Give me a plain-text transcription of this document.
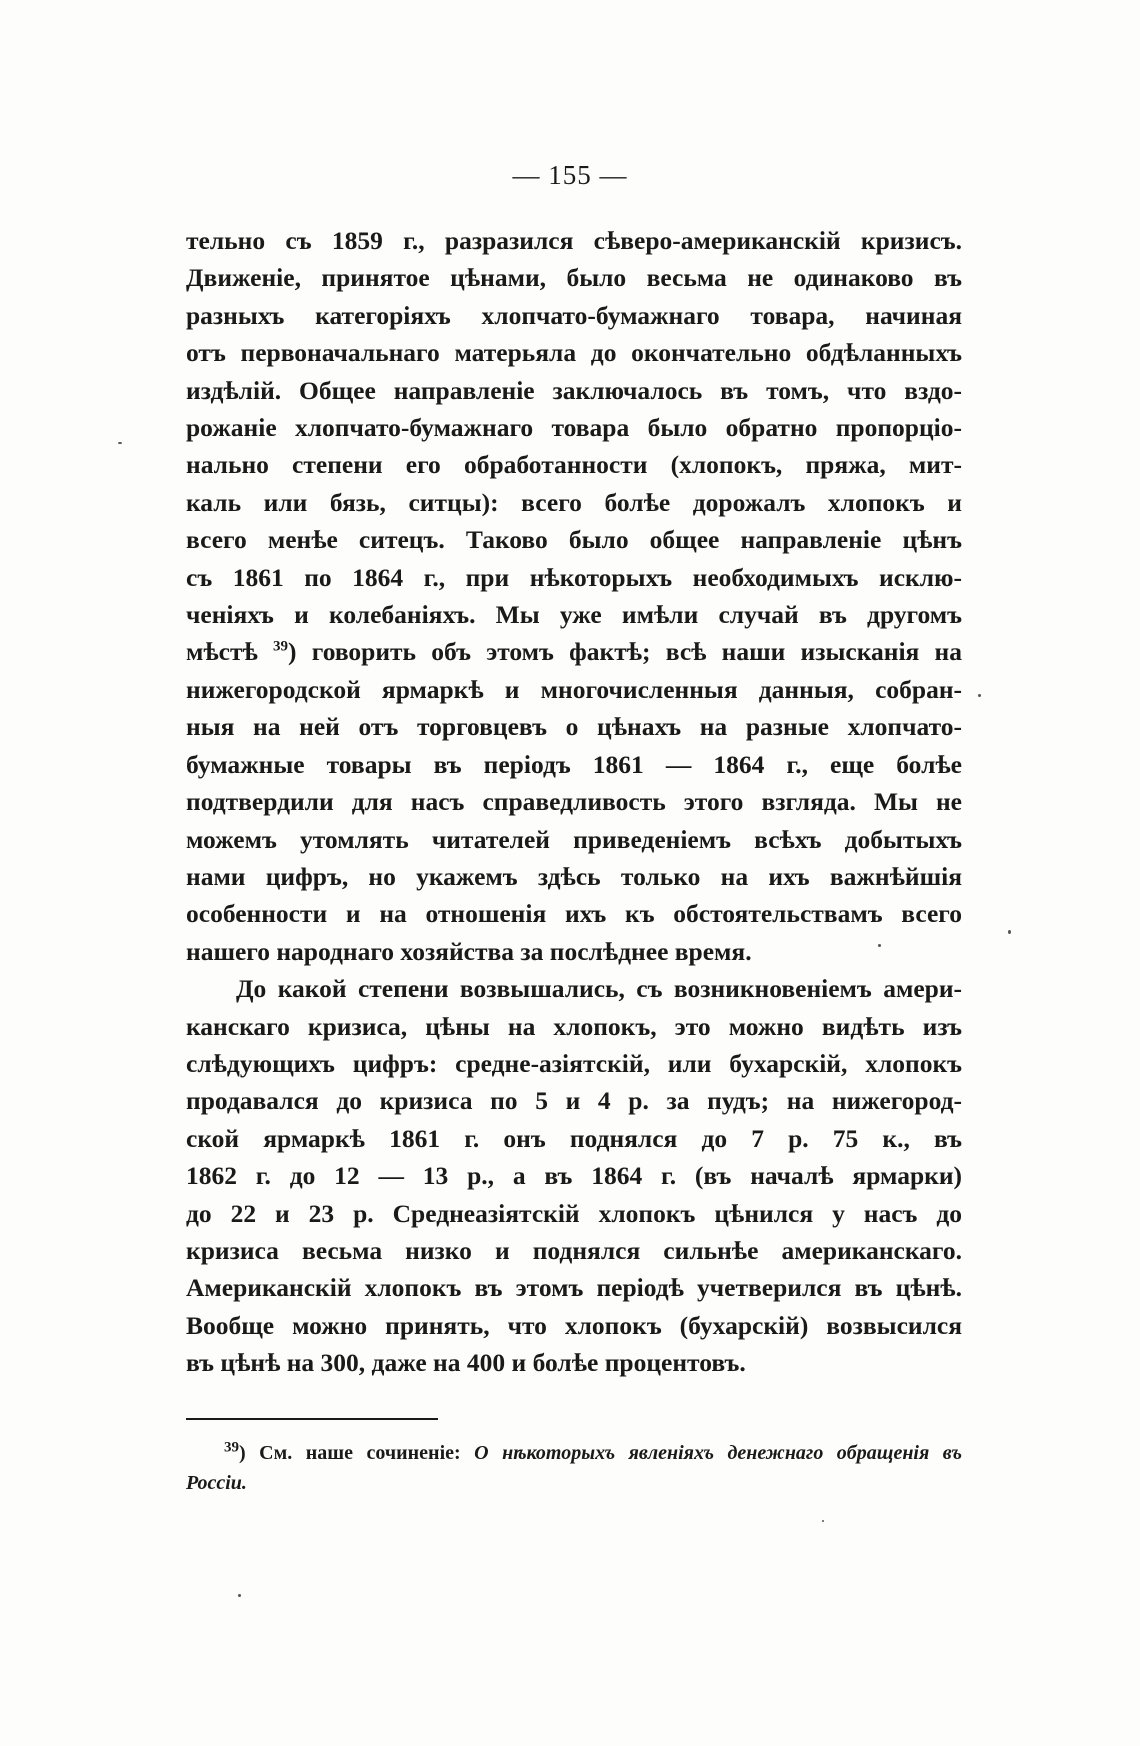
— 155 —

тельно съ 1859 г., разразился сѣверо-американскій кризисъ.
Движеніе, принятое цѣнами, было весьма не одинаково въ
разныхъ категоріяхъ хлопчато-бумажнаго товара, начиная
отъ первоначальнаго матерьяла до окончательно обдѣланныхъ
издѣлій. Общее направленіе заключалось въ томъ, что вздо-
рожаніе хлопчато-бумажнаго товара было обратно пропорціо-
нально степени его обработанности (хлопокъ, пряжа, мит-
каль или бязь, ситцы): всего болѣе дорожалъ хлопокъ и
всего менѣе ситецъ. Таково было общее направленіе цѣнъ
съ 1861 по 1864 г., при нѣкоторыхъ необходимыхъ исклю-
ченіяхъ и колебаніяхъ. Мы уже имѣли случай въ другомъ
мѣстѣ $^{39}$) говорить объ этомъ фактѣ; всѣ наши изысканія на
нижегородской ярмаркѣ и многочисленныя данныя, собран-
ныя на ней отъ торговцевъ о цѣнахъ на разные хлопчато-
бумажные товары въ періодъ 1861 — 1864 г., еще болѣе
подтвердили для насъ справедливость этого взгляда. Мы не
можемъ утомлять читателей приведеніемъ всѣхъ добытыхъ
нами цифръ, но укажемъ здѣсь только на ихъ важнѣйшія
особенности и на отношенія ихъ къ обстоятельствамъ всего
нашего народнаго хозяйства за послѣднее время.

До какой степени возвышались, съ возникновеніемъ амери-
канскаго кризиса, цѣны на хлопокъ, это можно видѣть изъ
слѣдующихъ цифръ: средне-азіятскій, или бухарскій, хлопокъ
продавался до кризиса по 5 и 4 р. за пудъ; на нижегород-
ской ярмаркѣ 1861 г. онъ поднялся до 7 р. 75 к., въ
1862 г. до 12 — 13 р., а въ 1864 г. (въ началѣ ярмарки)
до 22 и 23 р. Среднеазіятскій хлопокъ цѣнился у насъ до
кризиса весьма низко и поднялся сильнѣе американскаго.
Американскій хлопокъ въ этомъ періодѣ учетверился въ цѣнѣ.
Вообще можно принять, что хлопокъ (бухарскій) возвысился
въ цѣнѣ на 300, даже на 400 и болѣе процентовъ.

$^{39}$) См. наше сочиненіе: О нѣкоторыхъ явленіяхъ денежнаго обращенія въ
Россіи.
